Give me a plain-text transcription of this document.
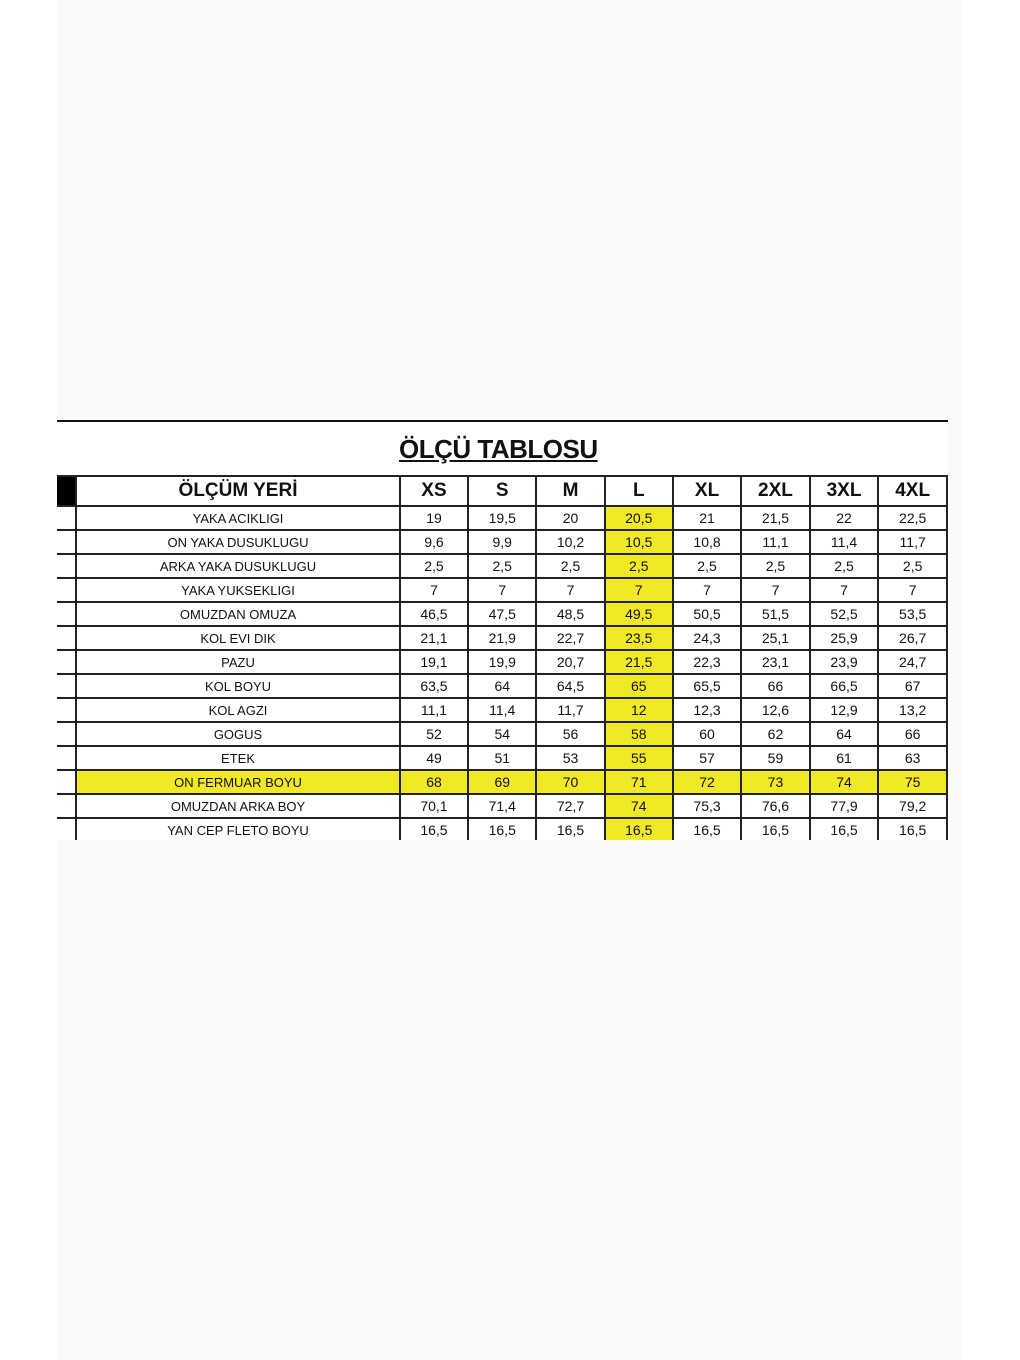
ÖLÇÜ TABLOSU
	ÖLÇÜM YERİ	XS	S	M	L	XL	2XL	3XL	4XL
	YAKA ACIKLIGI	19	19,5	20	20,5	21	21,5	22	22,5
	ON YAKA DUSUKLUGU	9,6	9,9	10,2	10,5	10,8	11,1	11,4	11,7
	ARKA YAKA DUSUKLUGU	2,5	2,5	2,5	2,5	2,5	2,5	2,5	2,5
	YAKA YUKSEKLIGI	7	7	7	7	7	7	7	7
	OMUZDAN OMUZA	46,5	47,5	48,5	49,5	50,5	51,5	52,5	53,5
	KOL EVI DIK	21,1	21,9	22,7	23,5	24,3	25,1	25,9	26,7
	PAZU	19,1	19,9	20,7	21,5	22,3	23,1	23,9	24,7
	KOL BOYU	63,5	64	64,5	65	65,5	66	66,5	67
	KOL AGZI	11,1	11,4	11,7	12	12,3	12,6	12,9	13,2
	GOGUS	52	54	56	58	60	62	64	66
	ETEK	49	51	53	55	57	59	61	63
	ON FERMUAR BOYU	68	69	70	71	72	73	74	75
	OMUZDAN ARKA BOY	70,1	71,4	72,7	74	75,3	76,6	77,9	79,2
	YAN CEP FLETO BOYU	16,5	16,5	16,5	16,5	16,5	16,5	16,5	16,5
